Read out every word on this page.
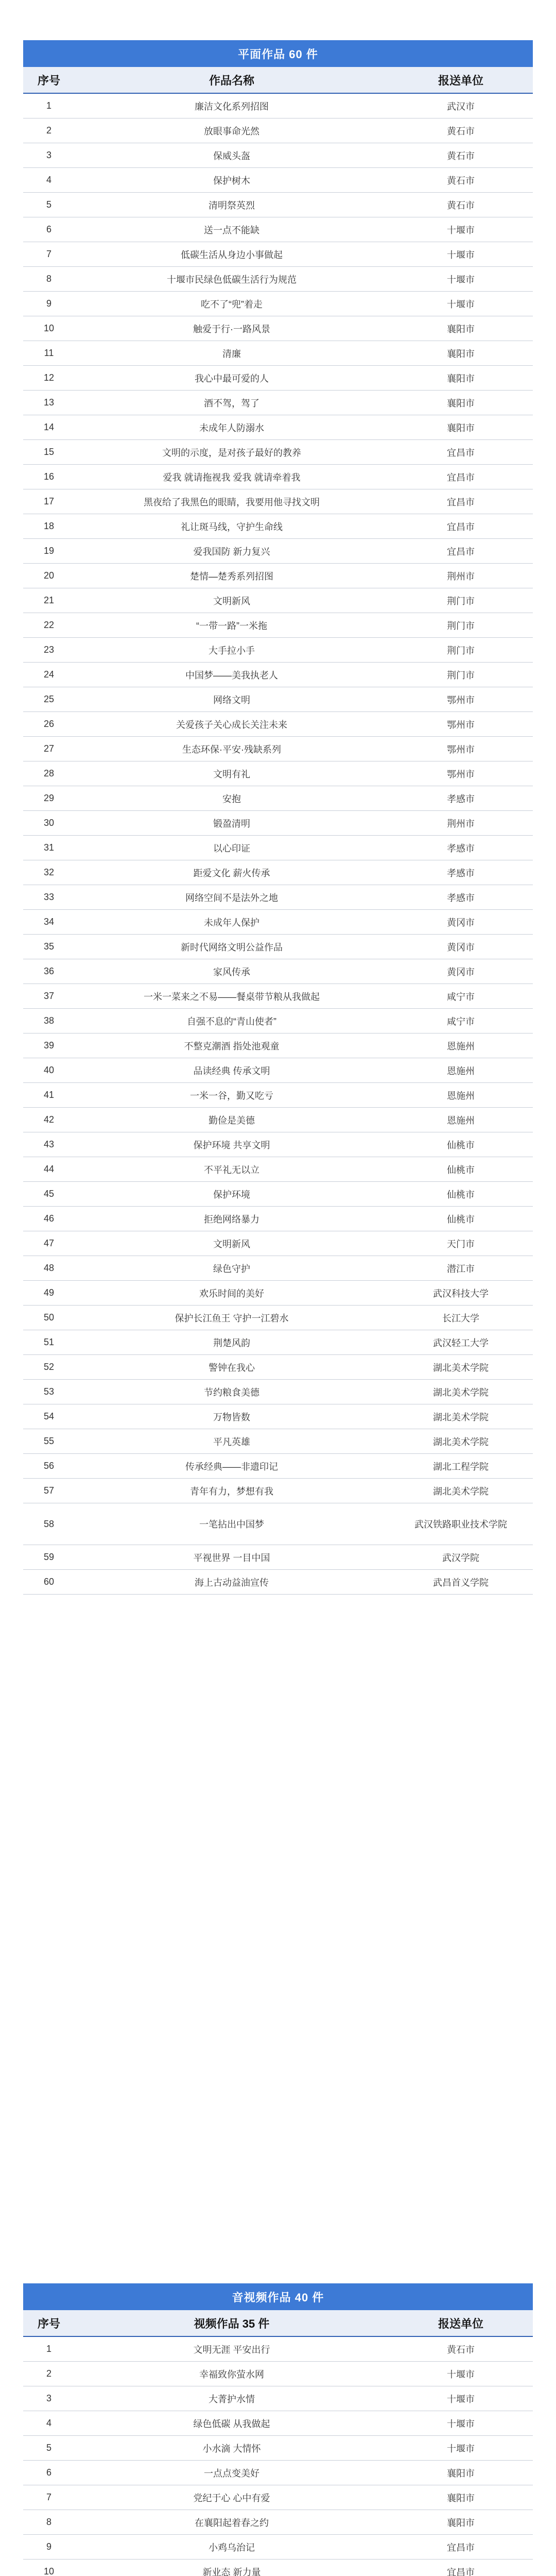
平面作品 60 件
序号	作品名称	报送单位
1	廉洁文化系列招图	武汉市
2	放眼事命光然	黄石市
3	保威头盔	黄石市
4	保护树木	黄石市
5	清明祭英烈	黄石市
6	送一点不能缺	十堰市
7	低碳生活从身边小事做起	十堰市
8	十堰市民绿色低碳生活行为规范	十堰市
9	吃不了“兜”着走	十堰市
10	触爱于行·一路风景	襄阳市
11	清廉	襄阳市
12	我心中最可爱的人	襄阳市
13	酒不驾，驾了	襄阳市
14	未成年人防溺水	襄阳市
15	文明的示度，是对孩子最好的教养	宜昌市
16	爱我 就请拖视我 爱我 就请牵着我	宜昌市
17	黑夜给了我黑色的眼睛，我要用他寻找文明	宜昌市
18	礼让斑马线，守护生命线	宜昌市
19	爱我国防 新力复兴	宜昌市
20	楚情—楚秀系列招图	荆州市
21	文明新风	荆门市
22	“一带一路”一米拖	荆门市
23	大手拉小手	荆门市
24	中国梦——美我执老人	荆门市
25	网络文明	鄂州市
26	关爱孩子关心成长关注未来	鄂州市
27	生态环保·平安·残缺系列	鄂州市
28	文明有礼	鄂州市
29	安抱	孝感市
30	锻盈清明	荆州市
31	以心印证	孝感市
32	距爱文化 薪火传承	孝感市
33	网络空间不是法外之地	孝感市
34	未成年人保护	黄冈市
35	新时代网络文明公益作品	黄冈市
36	家风传承	黄冈市
37	一米一菜来之不易——餐桌带节粮从我做起	咸宁市
38	自强不息的“青山使者”	咸宁市
39	不整克潮酒 指处池观童	恩施州
40	品读经典 传承文明	恩施州
41	一米一谷，勤又吃亏	恩施州
42	勤俭是美德	恩施州
43	保护环境 共享文明	仙桃市
44	不平礼无以立	仙桃市
45	保护环境	仙桃市
46	拒绝网络暴力	仙桃市
47	文明新风	天门市
48	绿色守护	潜江市
49	欢乐时间的美好	武汉科技大学
50	保护长江鱼王 守护一江碧水	长江大学
51	荆楚风韵	武汉轻工大学
52	警钟在我心	湖北美术学院
53	节约粮食美德	湖北美术学院
54	万物皆数	湖北美术学院
55	平凡英雄	湖北美术学院
56	传承经典——非遗印记	湖北工程学院
57	青年有力，梦想有我	湖北美术学院
58	一笔拈出中国梦	武汉铁路职业技术学院
59	平视世界 一目中国	武汉学院
60	海上古动益油宣传	武昌首义学院
音视频作品 40 件
序号	视频作品 35 件	报送单位
1	文明无涯 平安出行	黄石市
2	幸福致你萤水网	十堰市
3	大菁护水情	十堰市
4	绿色低碳 从我做起	十堰市
5	小水滴 大情怀	十堰市
6	一点点变美好	襄阳市
7	党纪于心 心中有爱	襄阳市
8	在襄阳起着春之约	襄阳市
9	小鸡乌治记	宜昌市
10	新业态 新力量	宜昌市
